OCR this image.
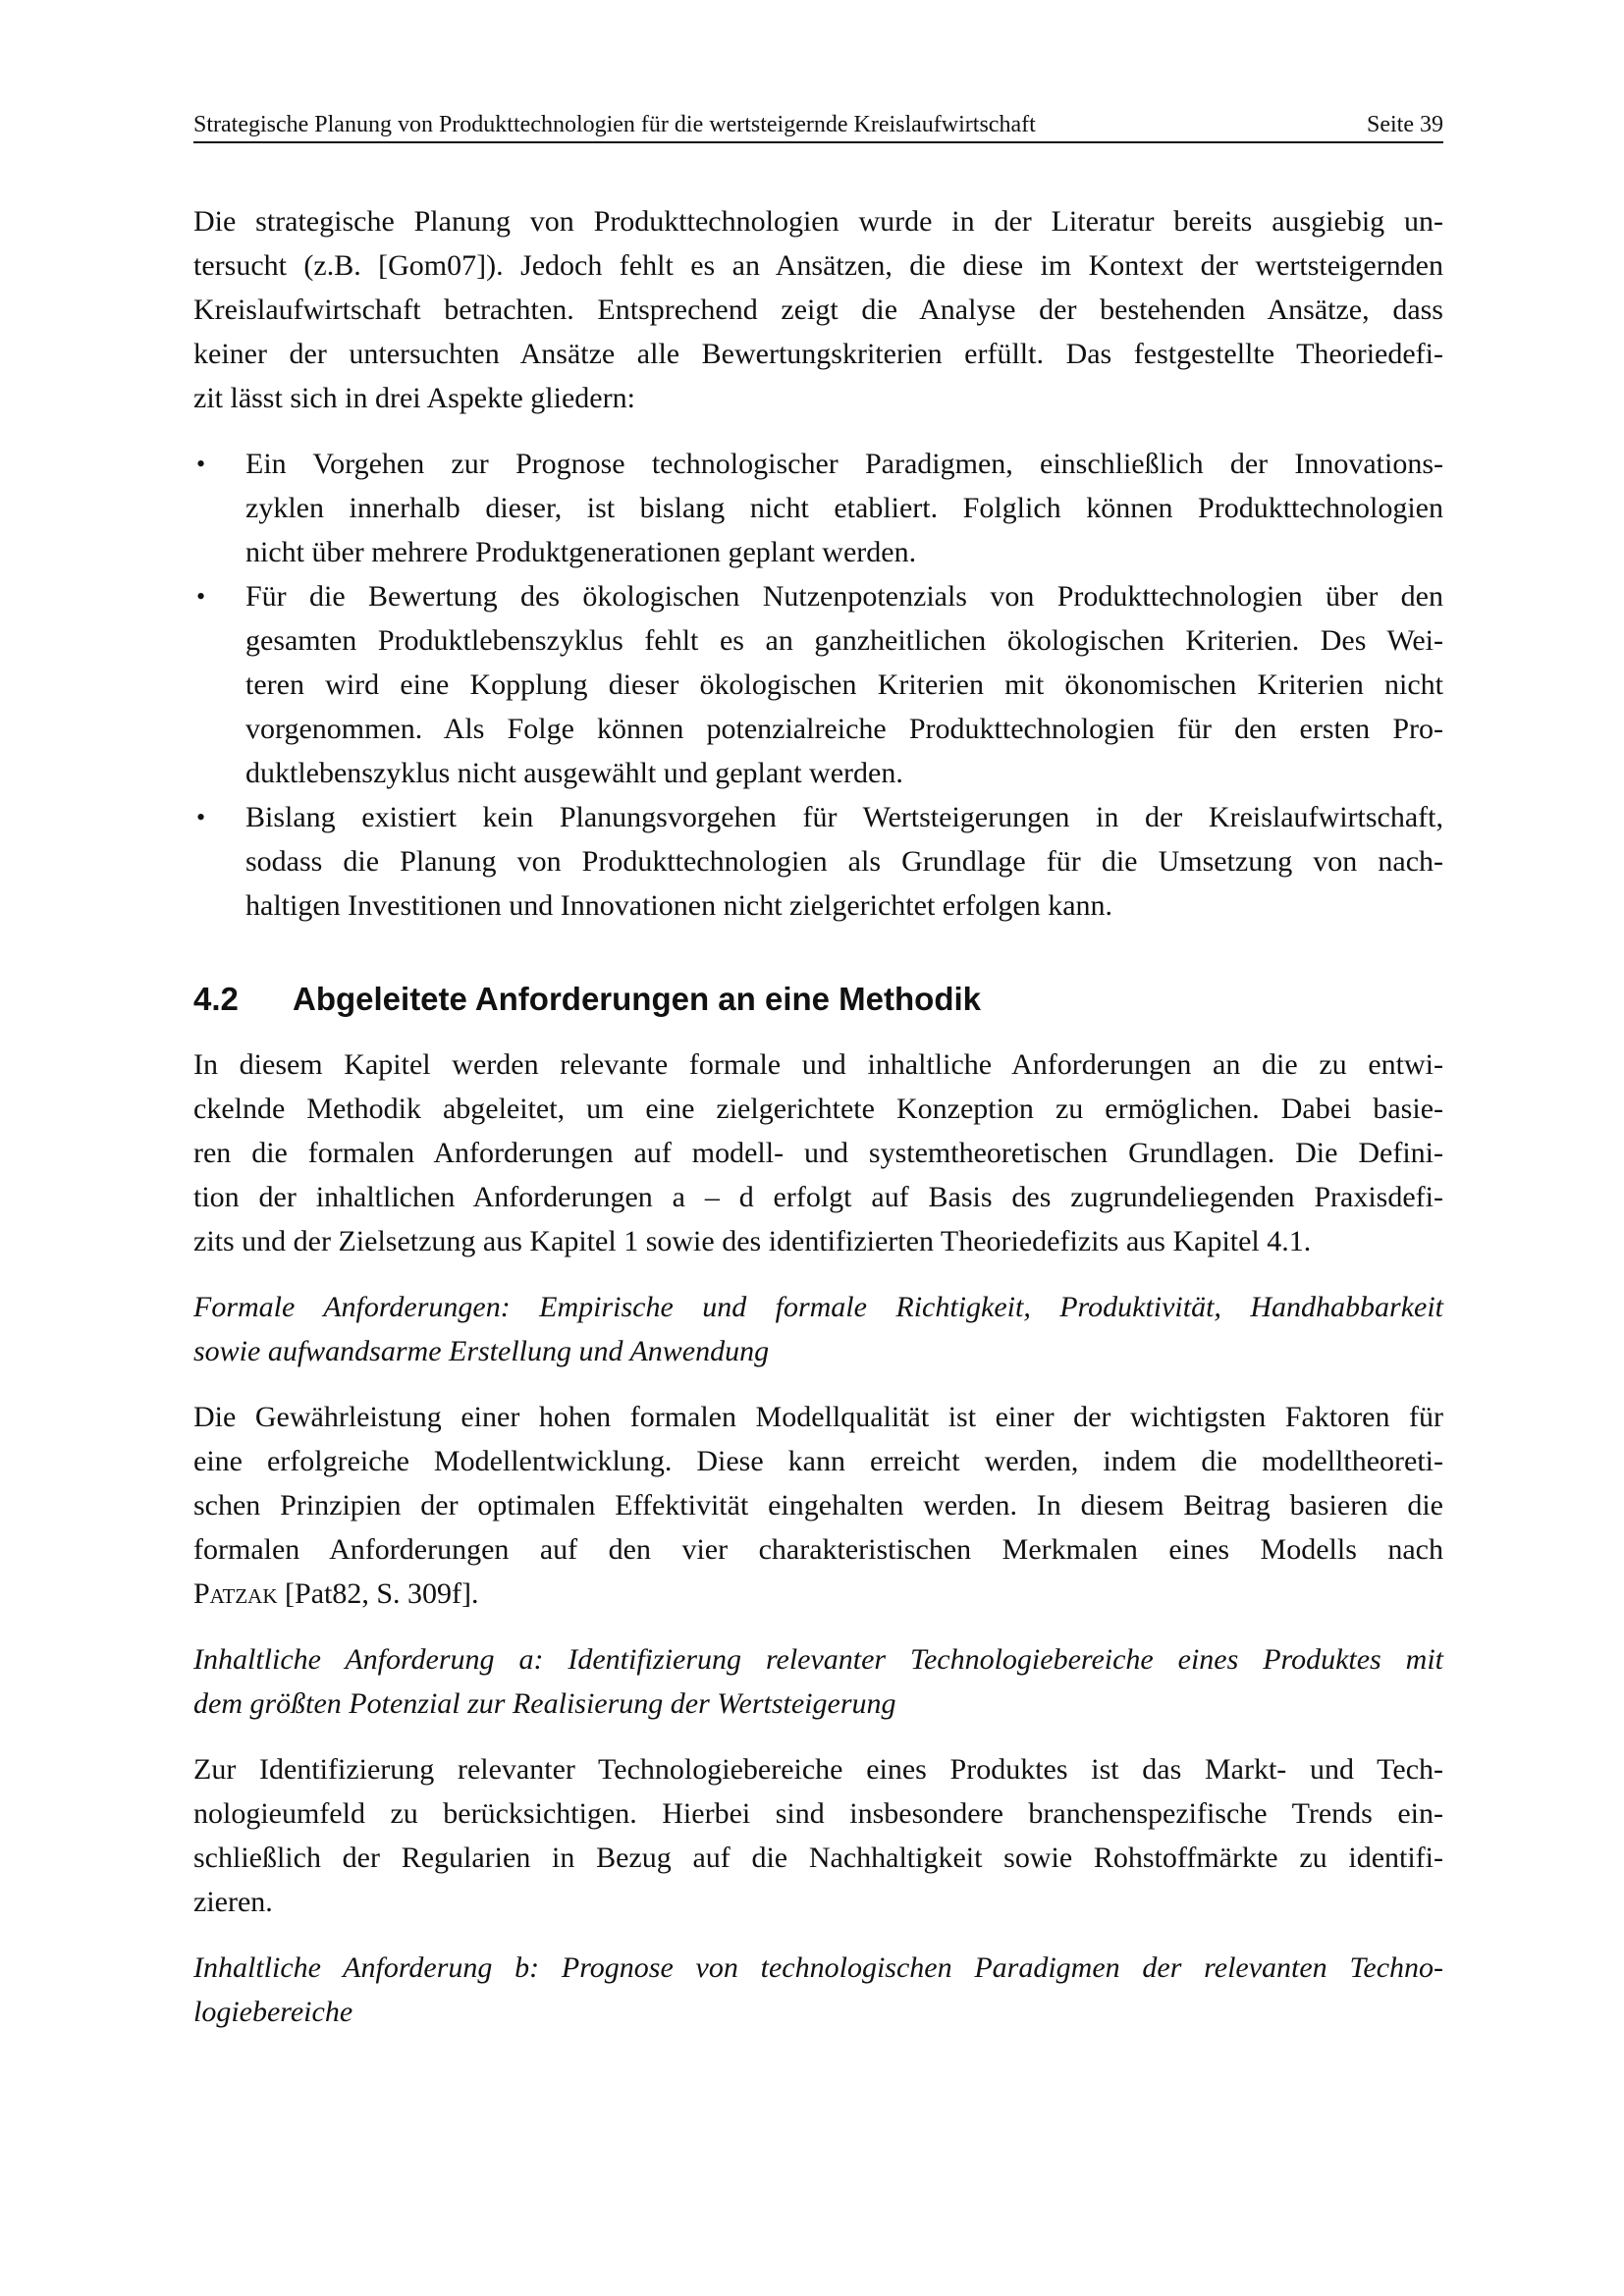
Strategische Planung von Produkttechnologien für die wertsteigernde Kreislaufwirtschaft	Seite 39

Die strategische Planung von Produkttechnologien wurde in der Literatur bereits ausgiebig un-
tersucht (z.B. [Gom07]). Jedoch fehlt es an Ansätzen, die diese im Kontext der wertsteigernden
Kreislaufwirtschaft betrachten. Entsprechend zeigt die Analyse der bestehenden Ansätze, dass
keiner der untersuchten Ansätze alle Bewertungskriterien erfüllt. Das festgestellte Theoriedefi-
zit lässt sich in drei Aspekte gliedern:

• Ein Vorgehen zur Prognose technologischer Paradigmen, einschließlich der Innovations-
zyklen innerhalb dieser, ist bislang nicht etabliert. Folglich können Produkttechnologien
nicht über mehrere Produktgenerationen geplant werden.
• Für die Bewertung des ökologischen Nutzenpotenzials von Produkttechnologien über den
gesamten Produktlebenszyklus fehlt es an ganzheitlichen ökologischen Kriterien. Des Wei-
teren wird eine Kopplung dieser ökologischen Kriterien mit ökonomischen Kriterien nicht
vorgenommen. Als Folge können potenzialreiche Produkttechnologien für den ersten Pro-
duktlebenszyklus nicht ausgewählt und geplant werden.
• Bislang existiert kein Planungsvorgehen für Wertsteigerungen in der Kreislaufwirtschaft,
sodass die Planung von Produkttechnologien als Grundlage für die Umsetzung von nach-
haltigen Investitionen und Innovationen nicht zielgerichtet erfolgen kann.
4.2 Abgeleitete Anforderungen an eine Methodik

In diesem Kapitel werden relevante formale und inhaltliche Anforderungen an die zu entwi-
ckelnde Methodik abgeleitet, um eine zielgerichtete Konzeption zu ermöglichen. Dabei basie-
ren die formalen Anforderungen auf modell- und systemtheoretischen Grundlagen. Die Defini-
tion der inhaltlichen Anforderungen a – d erfolgt auf Basis des zugrundeliegenden Praxisdefi-
zits und der Zielsetzung aus Kapitel 1 sowie des identifizierten Theoriedefizits aus Kapitel 4.1.

Formale Anforderungen: Empirische und formale Richtigkeit, Produktivität, Handhabbarkeit
sowie aufwandsarme Erstellung und Anwendung

Die Gewährleistung einer hohen formalen Modellqualität ist einer der wichtigsten Faktoren für
eine erfolgreiche Modellentwicklung. Diese kann erreicht werden, indem die modelltheoreti-
schen Prinzipien der optimalen Effektivität eingehalten werden. In diesem Beitrag basieren die
formalen Anforderungen auf den vier charakteristischen Merkmalen eines Modells nach
Patzak [Pat82, S. 309f].

Inhaltliche Anforderung a: Identifizierung relevanter Technologiebereiche eines Produktes mit
dem größten Potenzial zur Realisierung der Wertsteigerung

Zur Identifizierung relevanter Technologiebereiche eines Produktes ist das Markt- und Tech-
nologieumfeld zu berücksichtigen. Hierbei sind insbesondere branchenspezifische Trends ein-
schließlich der Regularien in Bezug auf die Nachhaltigkeit sowie Rohstoffmärkte zu identifi-
zieren.

Inhaltliche Anforderung b: Prognose von technologischen Paradigmen der relevanten Techno-
logiebereiche
